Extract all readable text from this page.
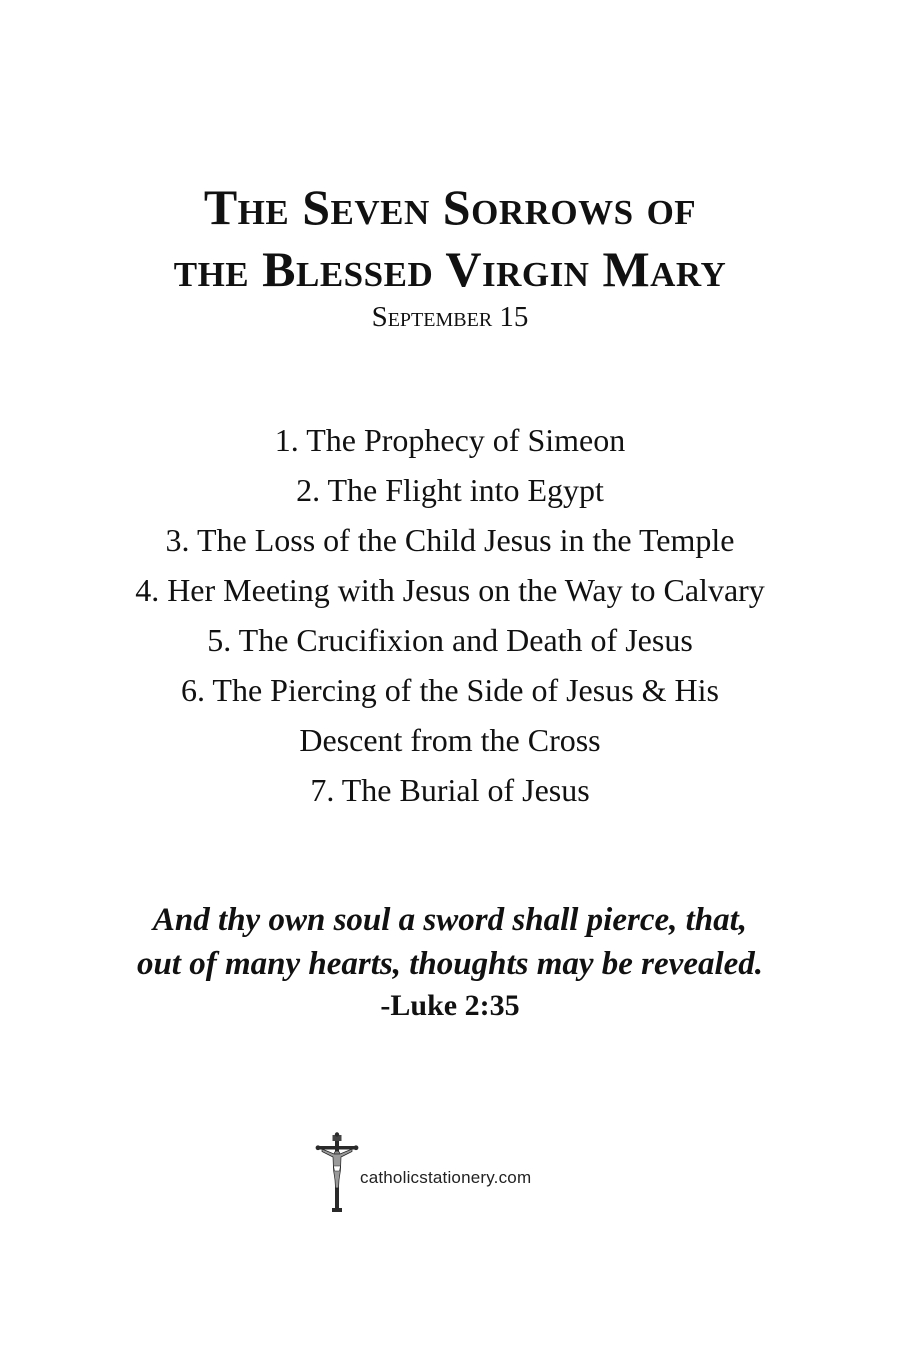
The Seven Sorrows of
the Blessed Virgin Mary
September 15
1. The Prophecy of Simeon
2. The Flight into Egypt
3. The Loss of the Child Jesus in the Temple
4. Her Meeting with Jesus on the Way to Calvary
5. The Crucifixion and Death of Jesus
6. The Piercing of the Side of Jesus & His
Descent from the Cross
7. The Burial of Jesus
And thy own soul a sword shall pierce, that,
out of many hearts, thoughts may be revealed.
-Luke 2:35
catholicstationery.com
